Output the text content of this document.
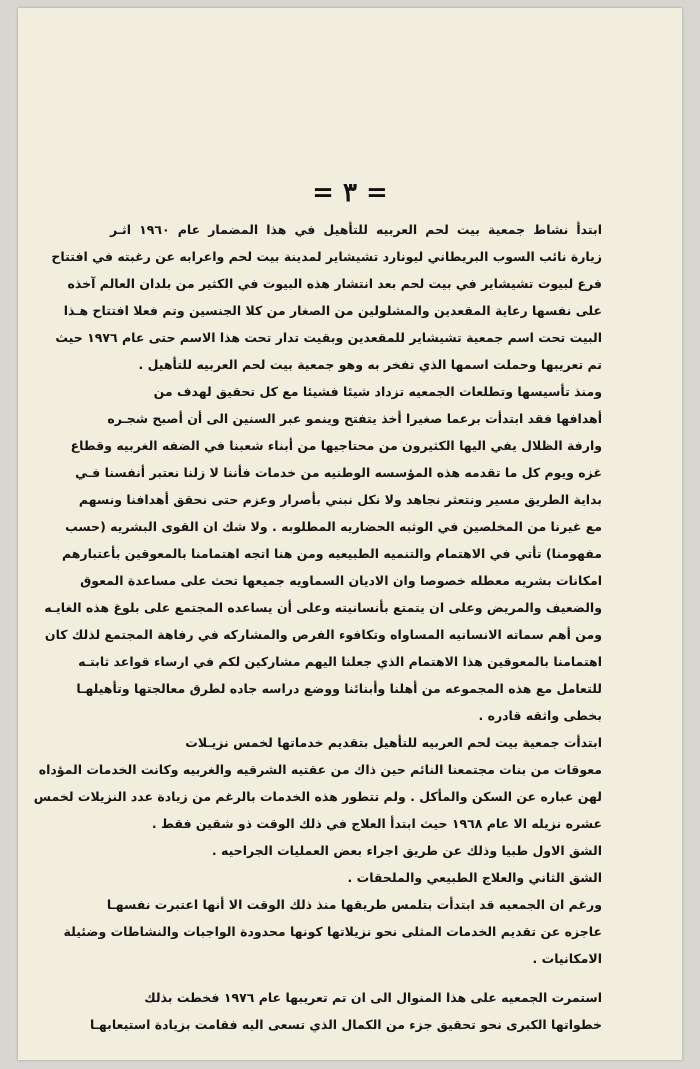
= ٣ =
ابتدأ نشاط جمعية بيت لحم العربيه للتأهيل في هذا المضمار عام ١٩٦٠ اثـر
زيارة نائب السوب البريطاني ليونارد تشيشاير لمدينة بيت لحم واعرابه عن رغبته في افتتاح
فرع لبيوت تشيشاير في بيت لحم بعد انتشار هذه البيوت في الكثير من بلدان العالم آخذه
على نفسها رعاية المقعدين والمشلولين من الصغار من كلا الجنسين وتم فعلا افتتاح هـذا
البيت تحت اسم جمعية تشيشاير للمقعدين وبقيت تدار تحت هذا الاسم حتى عام ١٩٧٦ حيث
تم تعريبها وحملت اسمها الذي تفخر به وهو جمعية بيت لحم العربيه للتأهيل .
ومنذ تأسيسها وتطلعات الجمعيه تزداد شيئا فشيئا مع كل تحقيق لهدف من
أهدافها فقد ابتدأت برعما صغيرا أخذ يتفتح وينمو عبر السنين الى أن أصبح شجـره
وارفة الظلال يفي اليها الكثيرون من محتاجيها من أبناء شعبنا في الضفه الغربيه وقطاع
غزه ويوم كل ما تقدمه هذه المؤسسه الوطنيه من خدمات فأننا لا زلنا نعتبر أنفسنا فـي
بداية الطريق مسير ونتعثر نجاهد ولا نكل نبني بأصرار وعزم حتى نحقق أهدافنا ونسهم
مع غيرنا من المخلصين في الوثبه الحضاريه المطلوبه . ولا شك ان القوى البشريه (حسب
مفهومنا) تأتي في الاهتمام والتنميه الطبيعيه ومن هنا اتجه اهتمامنا بالمعوقين بأعتبارهم
امكانات بشريه معطله خصوصا وان الاديان السماويه جميعها تحث على مساعدة المعوق
والضعيف والمريض وعلى ان يتمتع بأنسانيته وعلى أن يساعده المجتمع على بلوغ هذه الغايـه
ومن أهم سماته الانسانيه المساواه وتكافوء الفرص والمشاركه في رفاهة المجتمع لذلك كان
اهتمامنا بالمعوقين هذا الاهتمام الذي جعلنا اليهم مشاركين لكم في ارساء قواعد ثابتـه
للتعامل مع هذه المجموعه من أهلنا وأبنائنا ووضع دراسه جاده لطرق معالجتها وتأهيلهـا
بخطى واثقه قادره .
ابتدأت جمعية بيت لحم العربيه للتأهيل بتقديم خدماتها لخمس نزيـلات
معوقات من بنات مجتمعنا النائم حين ذاك من عقتيه الشرقيه والغربيه وكانت الخدمات المؤداه
لهن عباره عن السكن والمأكل . ولم تتطور هذه الخدمات بالرغم من زيادة عدد النزيلات لخمس
عشره نزيله الا عام ١٩٦٨ حيث ابتدأ العلاج في ذلك الوقت ذو شقين فقط .
الشق الاول طبيا وذلك عن طريق اجراء بعض العمليات الجراحيه .
الشق الثاني والعلاج الطبيعي والملحقات .
ورغم ان الجمعيه قد ابتدأت بتلمس طريقها منذ ذلك الوقت الا أنها اعتبرت نفسهـا
عاجزه عن تقديم الخدمات المثلى نحو نزيلاتها كونها محدودة الواجبات والنشاطات وضئيلة
الامكانيات .
استمرت الجمعيه على هذا المنوال الى ان تم تعريبها عام ١٩٧٦ فخطت بذلك
خطواتها الكبرى نحو تحقيق جزء من الكمال الذي تسعى اليه فقامت بزيادة استيعابهـا
